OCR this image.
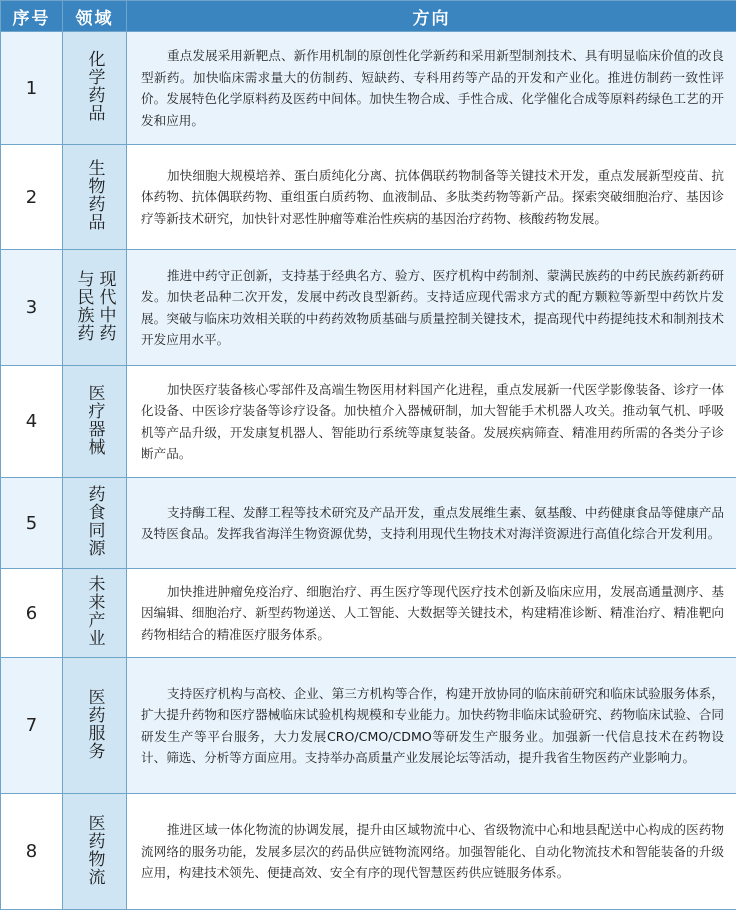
序号	领域	方向
1	化学药品	重点发展采用新靶点、新作用机制的原创性化学新药和采用新型制剂技术、具有明显临床价值的改良型新药。加快临床需求量大的仿制药、短缺药、专科用药等产品的开发和产业化。推进仿制药一致性评价。发展特色化学原料药及医药中间体。加快生物合成、手性合成、化学催化合成等原料药绿色工艺的开发和应用。

2	生物药品	加快细胞大规模培养、蛋白质纯化分离、抗体偶联药物制备等关键技术开发，重点发展新型疫苗、抗体药物、抗体偶联药物、重组蛋白质药物、血液制品、多肽类药物等新产品。探索突破细胞治疗、基因诊疗等新技术研究，加快针对恶性肿瘤等难治性疾病的基因治疗药物、核酸药物发展。

3	现代中药与民族药	推进中药守正创新，支持基于经典名方、验方、医疗机构中药制剂、蒙满民族药的中药民族药新药研发。加快老品种二次开发，发展中药改良型新药。支持适应现代需求方式的配方颗粒等新型中药饮片发展。突破与临床功效相关联的中药药效物质基础与质量控制关键技术，提高现代中药提纯技术和制剂技术开发应用水平。

4	医疗器械	加快医疗装备核心零部件及高端生物医用材料国产化进程，重点发展新一代医学影像装备、诊疗一体化设备、中医诊疗装备等诊疗设备。加快植介入器械研制，加大智能手术机器人攻关。推动氧气机、呼吸机等产品升级，开发康复机器人、智能助行系统等康复装备。发展疾病筛查、精准用药所需的各类分子诊断产品。

5	药食同源	支持酶工程、发酵工程等技术研究及产品开发，重点发展维生素、氨基酸、中药健康食品等健康产品及特医食品。发挥我省海洋生物资源优势，支持利用现代生物技术对海洋资源进行高值化综合开发利用。

6	未来产业	加快推进肿瘤免疫治疗、细胞治疗、再生医疗等现代医疗技术创新及临床应用，发展高通量测序、基因编辑、细胞治疗、新型药物递送、人工智能、大数据等关键技术，构建精准诊断、精准治疗、精准靶向药物相结合的精准医疗服务体系。

7	医药服务	支持医疗机构与高校、企业、第三方机构等合作，构建开放协同的临床前研究和临床试验服务体系，扩大提升药物和医疗器械临床试验机构规模和专业能力。加快药物非临床试验研究、药物临床试验、合同研发生产等平台服务，大力发展CRO/CMO/CDMO等研发生产服务业。加强新一代信息技术在药物设计、筛选、分析等方面应用。支持举办高质量产业发展论坛等活动，提升我省生物医药产业影响力。

8	医药物流	推进区域一体化物流的协调发展，提升由区域物流中心、省级物流中心和地县配送中心构成的医药物流网络的服务功能，发展多层次的药品供应链物流网络。加强智能化、自动化物流技术和智能装备的升级应用，构建技术领先、便捷高效、安全有序的现代智慧医药供应链服务体系。
